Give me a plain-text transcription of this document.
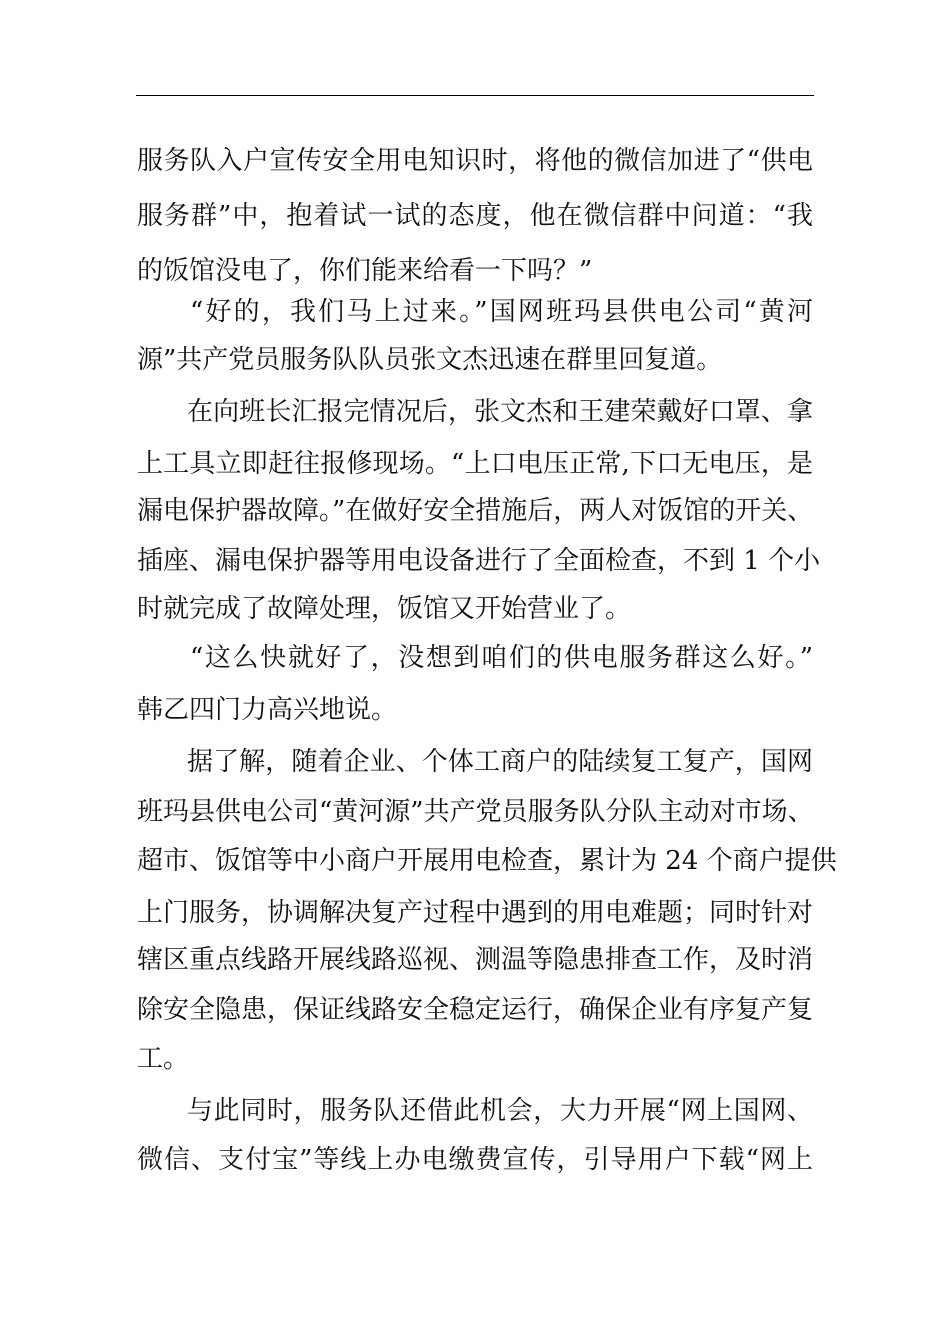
服务队入户宣传安全用电知识时，将他的微信加进了“供电
服务群”中，抱着试一试的态度，他在微信群中问道：“我
的饭馆没电了，你们能来给看一下吗？”
“好的，我们马上过来。”国网班玛县供电公司“黄河
源”共产党员服务队队员张文杰迅速在群里回复道。
在向班长汇报完情况后，张文杰和王建荣戴好口罩、拿
上工具立即赶往报修现场。“上口电压正常,下口无电压，是
漏电保护器故障。”在做好安全措施后，两人对饭馆的开关、
插座、漏电保护器等用电设备进行了全面检查，不到 1 个小
时就完成了故障处理，饭馆又开始营业了。
“这么快就好了，没想到咱们的供电服务群这么好。”
韩乙四门力高兴地说。
据了解，随着企业、个体工商户的陆续复工复产，国网
班玛县供电公司“黄河源”共产党员服务队分队主动对市场、
超市、饭馆等中小商户开展用电检查，累计为 24 个商户提供
上门服务，协调解决复产过程中遇到的用电难题；同时针对
辖区重点线路开展线路巡视、测温等隐患排查工作，及时消
除安全隐患，保证线路安全稳定运行，确保企业有序复产复
工。
与此同时，服务队还借此机会，大力开展“网上国网、
微信、支付宝”等线上办电缴费宣传，引导用户下载“网上
